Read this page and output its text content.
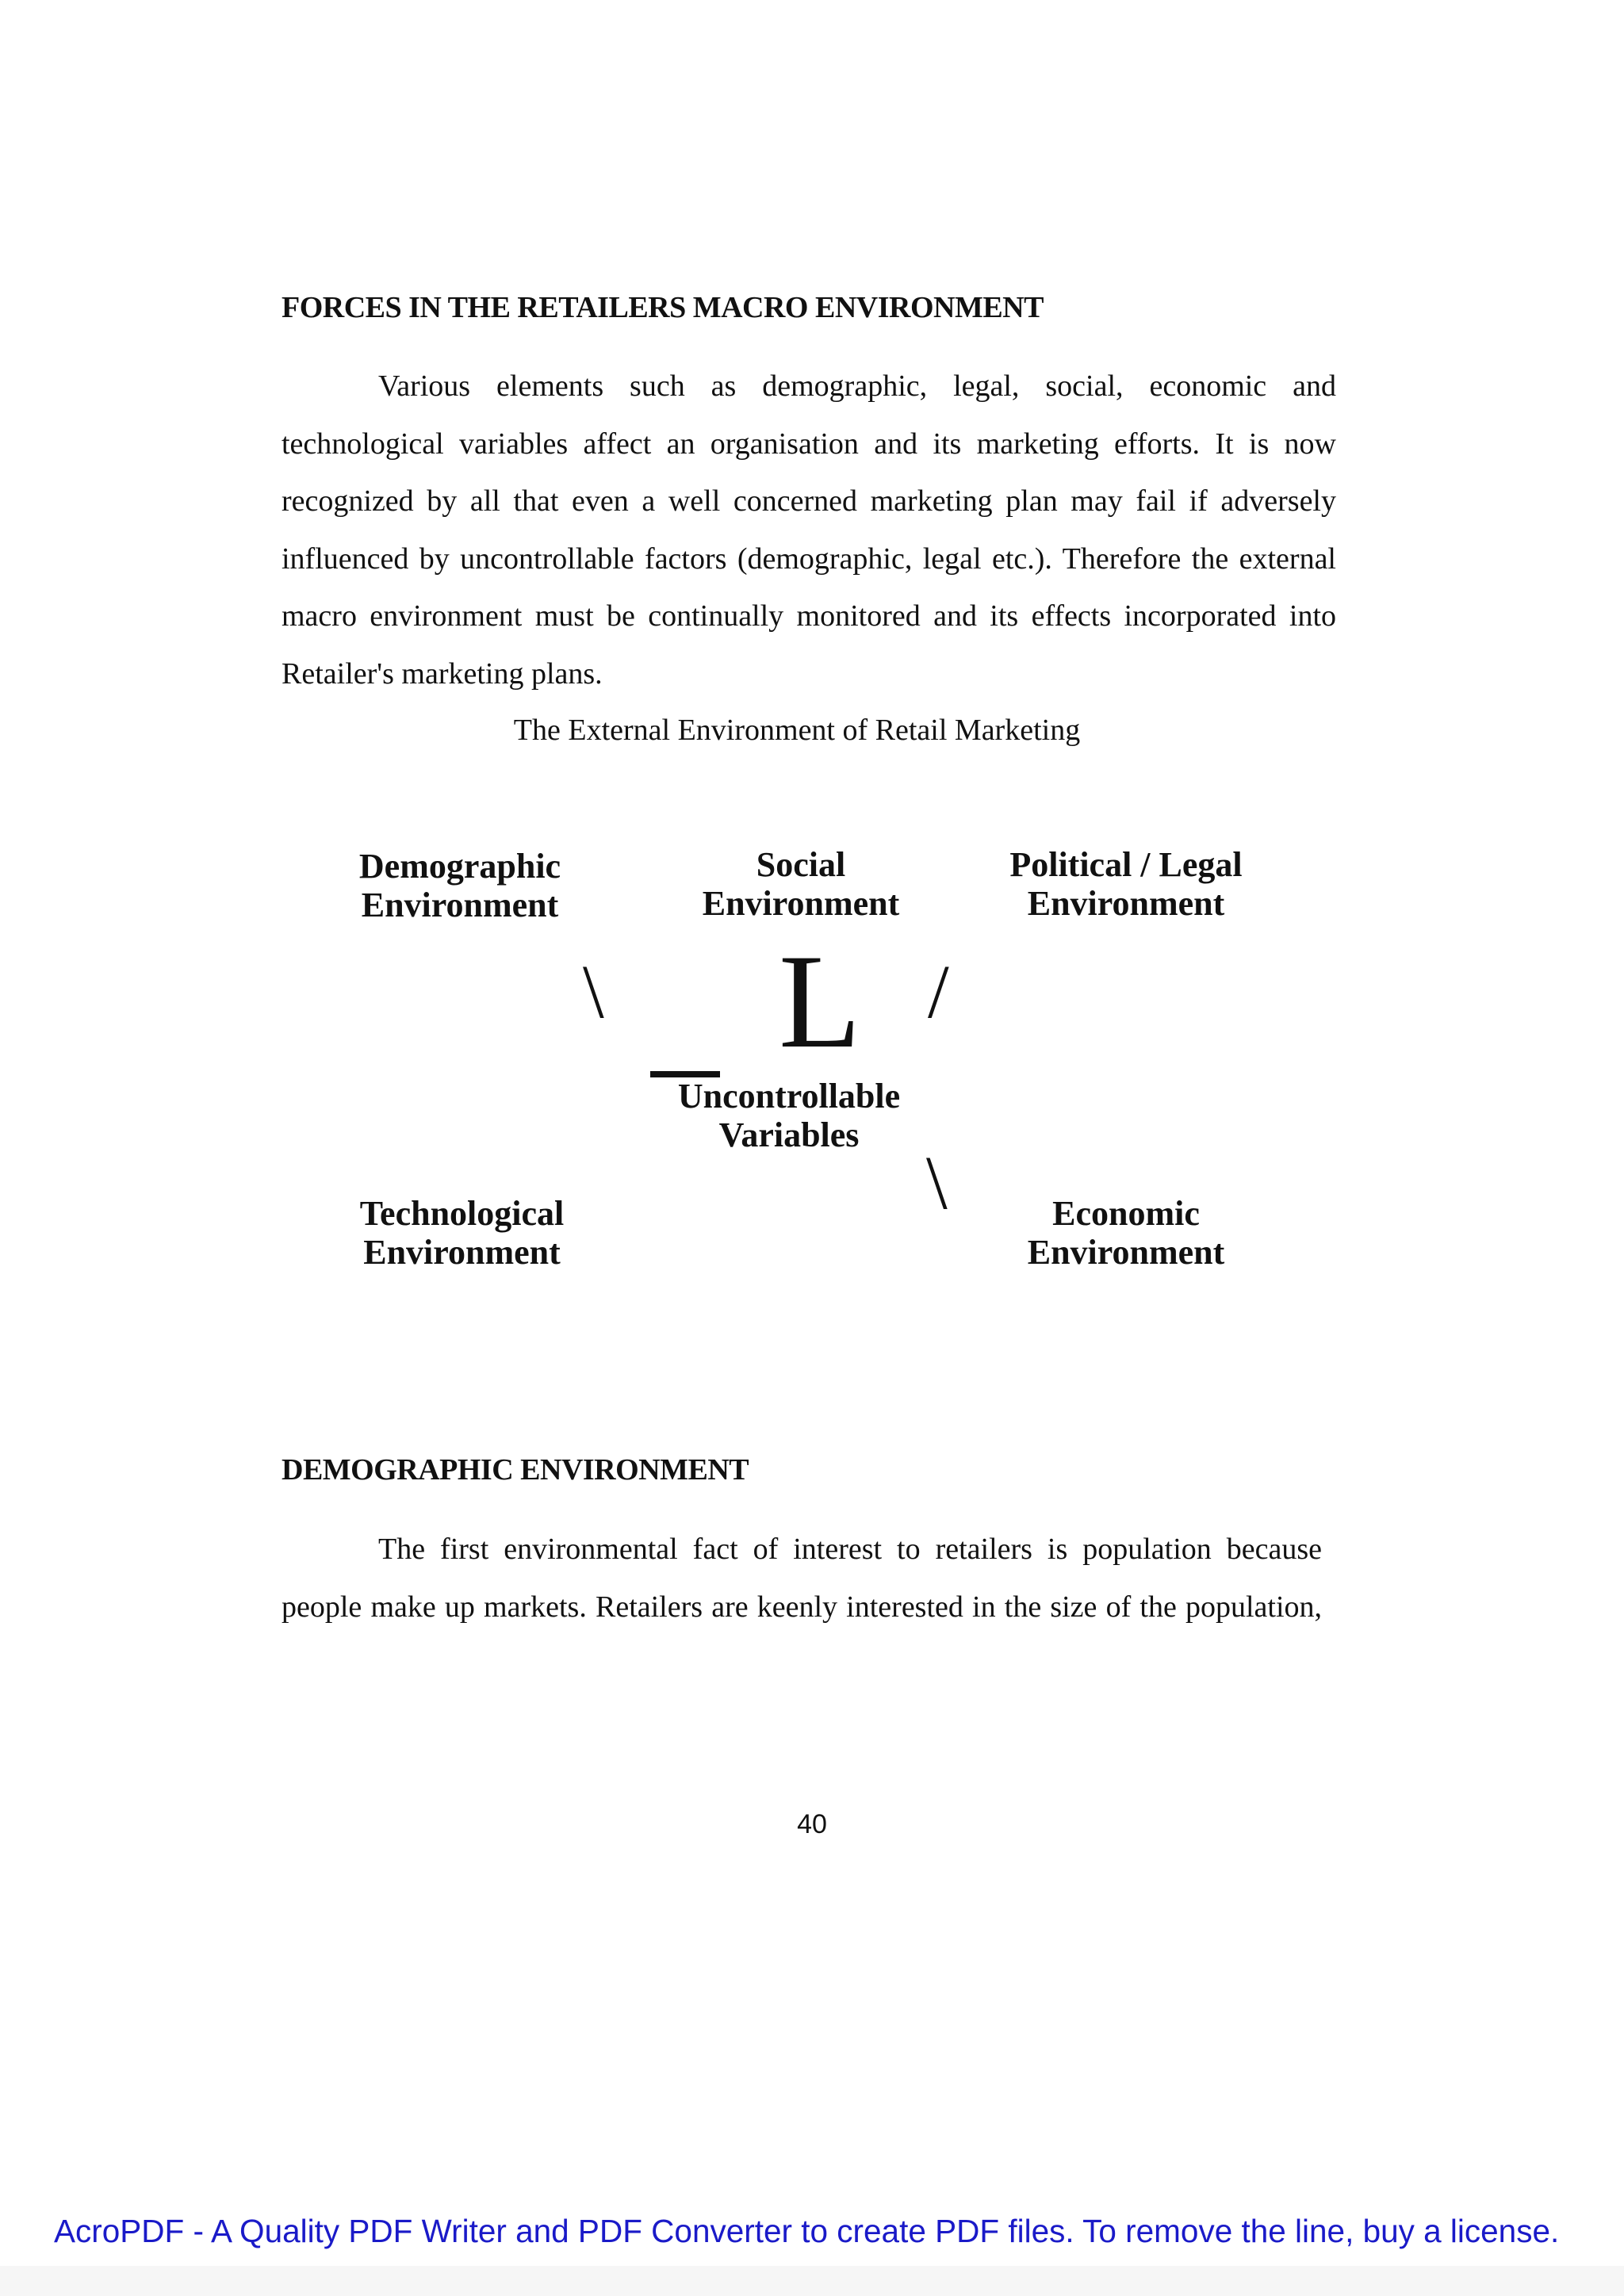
FORCES IN THE RETAILERS MACRO ENVIRONMENT
Various elements such as demographic, legal, social, economic and
technological variables affect an organisation and its marketing efforts. It is now
recognized by all that even a well concerned marketing plan may fail if adversely
influenced by uncontrollable factors (demographic, legal etc.). Therefore the external
macro environment must be continually monitored and its effects incorporated into
Retailer's marketing plans.
The External Environment of Retail Marketing
Demographic
Environment
Social
Environment
Political / Legal
Environment
\ L /
Uncontrollable
Variables
\
Technological
Environment
Economic
Environment
DEMOGRAPHIC ENVIRONMENT
The first environmental fact of interest to retailers is population because
people make up markets. Retailers are keenly interested in the size of the population,
40
AcroPDF - A Quality PDF Writer and PDF Converter to create PDF files. To remove the line, buy a license.
